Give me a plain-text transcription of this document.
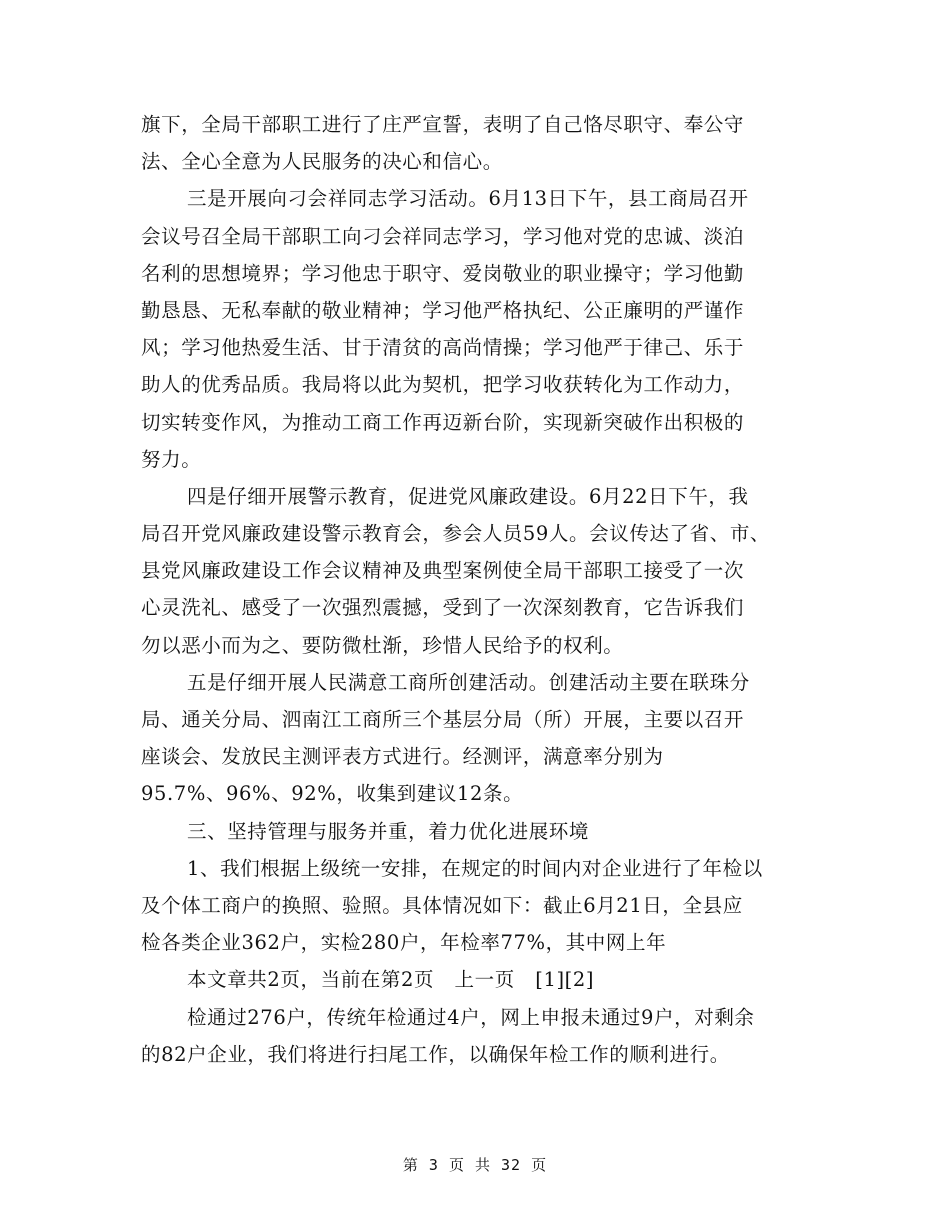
旗下，全局干部职工进行了庄严宣誓，表明了自己恪尽职守、奉公守
法、全心全意为人民服务的决心和信心。
三是开展向刁会祥同志学习活动。6月13日下午，县工商局召开
会议号召全局干部职工向刁会祥同志学习，学习他对党的忠诚、淡泊
名利的思想境界；学习他忠于职守、爱岗敬业的职业操守；学习他勤
勤恳恳、无私奉献的敬业精神；学习他严格执纪、公正廉明的严谨作
风；学习他热爱生活、甘于清贫的高尚情操；学习他严于律己、乐于
助人的优秀品质。我局将以此为契机，把学习收获转化为工作动力，
切实转变作风，为推动工商工作再迈新台阶，实现新突破作出积极的
努力。
四是仔细开展警示教育，促进党风廉政建设。6月22日下午，我
局召开党风廉政建设警示教育会，参会人员59人。会议传达了省、市、
县党风廉政建设工作会议精神及典型案例使全局干部职工接受了一次
心灵洗礼、感受了一次强烈震撼，受到了一次深刻教育，它告诉我们
勿以恶小而为之、要防微杜渐，珍惜人民给予的权利。
五是仔细开展人民满意工商所创建活动。创建活动主要在联珠分
局、通关分局、泗南江工商所三个基层分局（所）开展，主要以召开
座谈会、发放民主测评表方式进行。经测评，满意率分别为
95.7%、96%、92%，收集到建议12条。
三、坚持管理与服务并重，着力优化进展环境
1、我们根据上级统一安排，在规定的时间内对企业进行了年检以
及个体工商户的换照、验照。具体情况如下：截止6月21日，全县应
检各类企业362户，实检280户，年检率77%，其中网上年
本文章共2页，当前在第2页 上一页 [1][2]
检通过276户，传统年检通过4户，网上申报未通过9户，对剩余
的82户企业，我们将进行扫尾工作，以确保年检工作的顺利进行。
第 3 页 共 32 页
